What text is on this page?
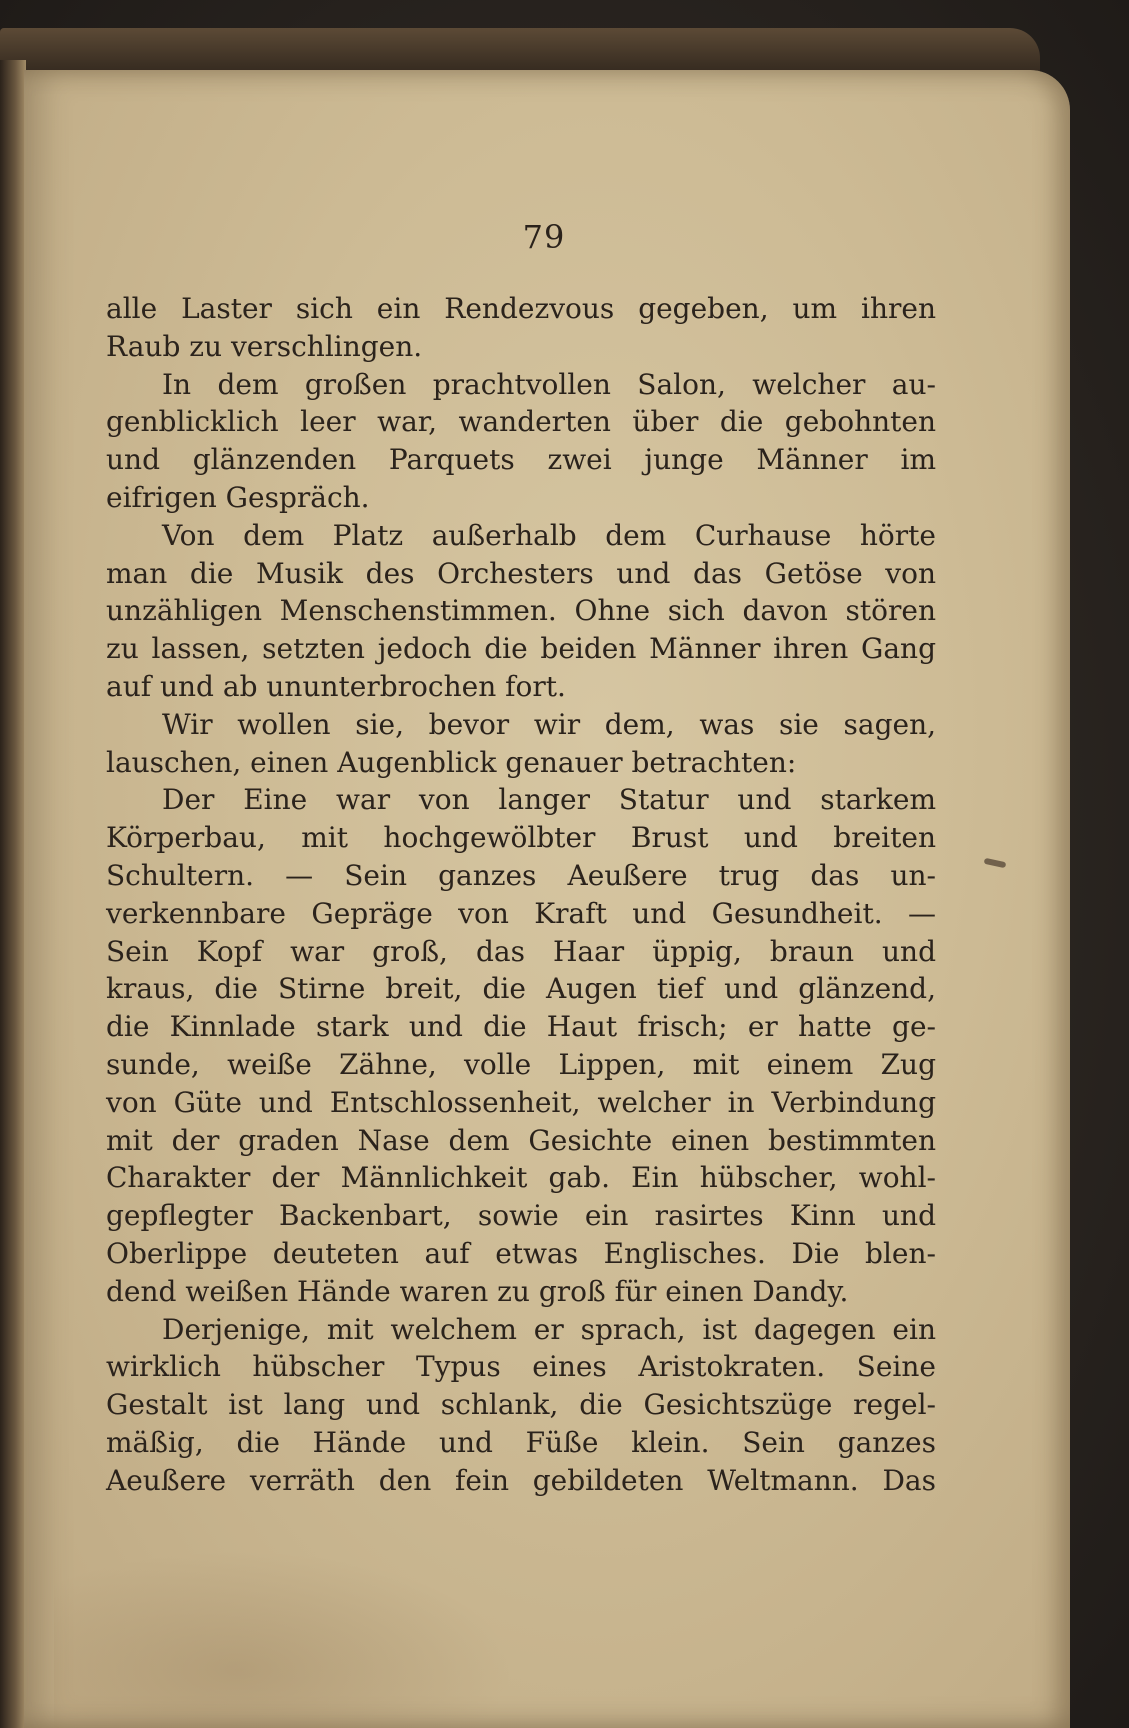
79
alle Laster sich ein Rendezvous gegeben, um ihren
Raub zu verschlingen.
In dem großen prachtvollen Salon, welcher au-
genblicklich leer war, wanderten über die gebohnten
und glänzenden Parquets zwei junge Männer im
eifrigen Gespräch.
Von dem Platz außerhalb dem Curhause hörte
man die Musik des Orchesters und das Getöse von
unzähligen Menschenstimmen. Ohne sich davon stören
zu lassen, setzten jedoch die beiden Männer ihren Gang
auf und ab ununterbrochen fort.
Wir wollen sie, bevor wir dem, was sie sagen,
lauschen, einen Augenblick genauer betrachten:
Der Eine war von langer Statur und starkem
Körperbau, mit hochgewölbter Brust und breiten
Schultern. — Sein ganzes Aeußere trug das un-
verkennbare Gepräge von Kraft und Gesundheit. —
Sein Kopf war groß, das Haar üppig, braun und
kraus, die Stirne breit, die Augen tief und glänzend,
die Kinnlade stark und die Haut frisch; er hatte ge-
sunde, weiße Zähne, volle Lippen, mit einem Zug
von Güte und Entschlossenheit, welcher in Verbindung
mit der graden Nase dem Gesichte einen bestimmten
Charakter der Männlichkeit gab. Ein hübscher, wohl-
gepflegter Backenbart, sowie ein rasirtes Kinn und
Oberlippe deuteten auf etwas Englisches. Die blen-
dend weißen Hände waren zu groß für einen Dandy.
Derjenige, mit welchem er sprach, ist dagegen ein
wirklich hübscher Typus eines Aristokraten. Seine
Gestalt ist lang und schlank, die Gesichtszüge regel-
mäßig, die Hände und Füße klein. Sein ganzes
Aeußere verräth den fein gebildeten Weltmann. Das
